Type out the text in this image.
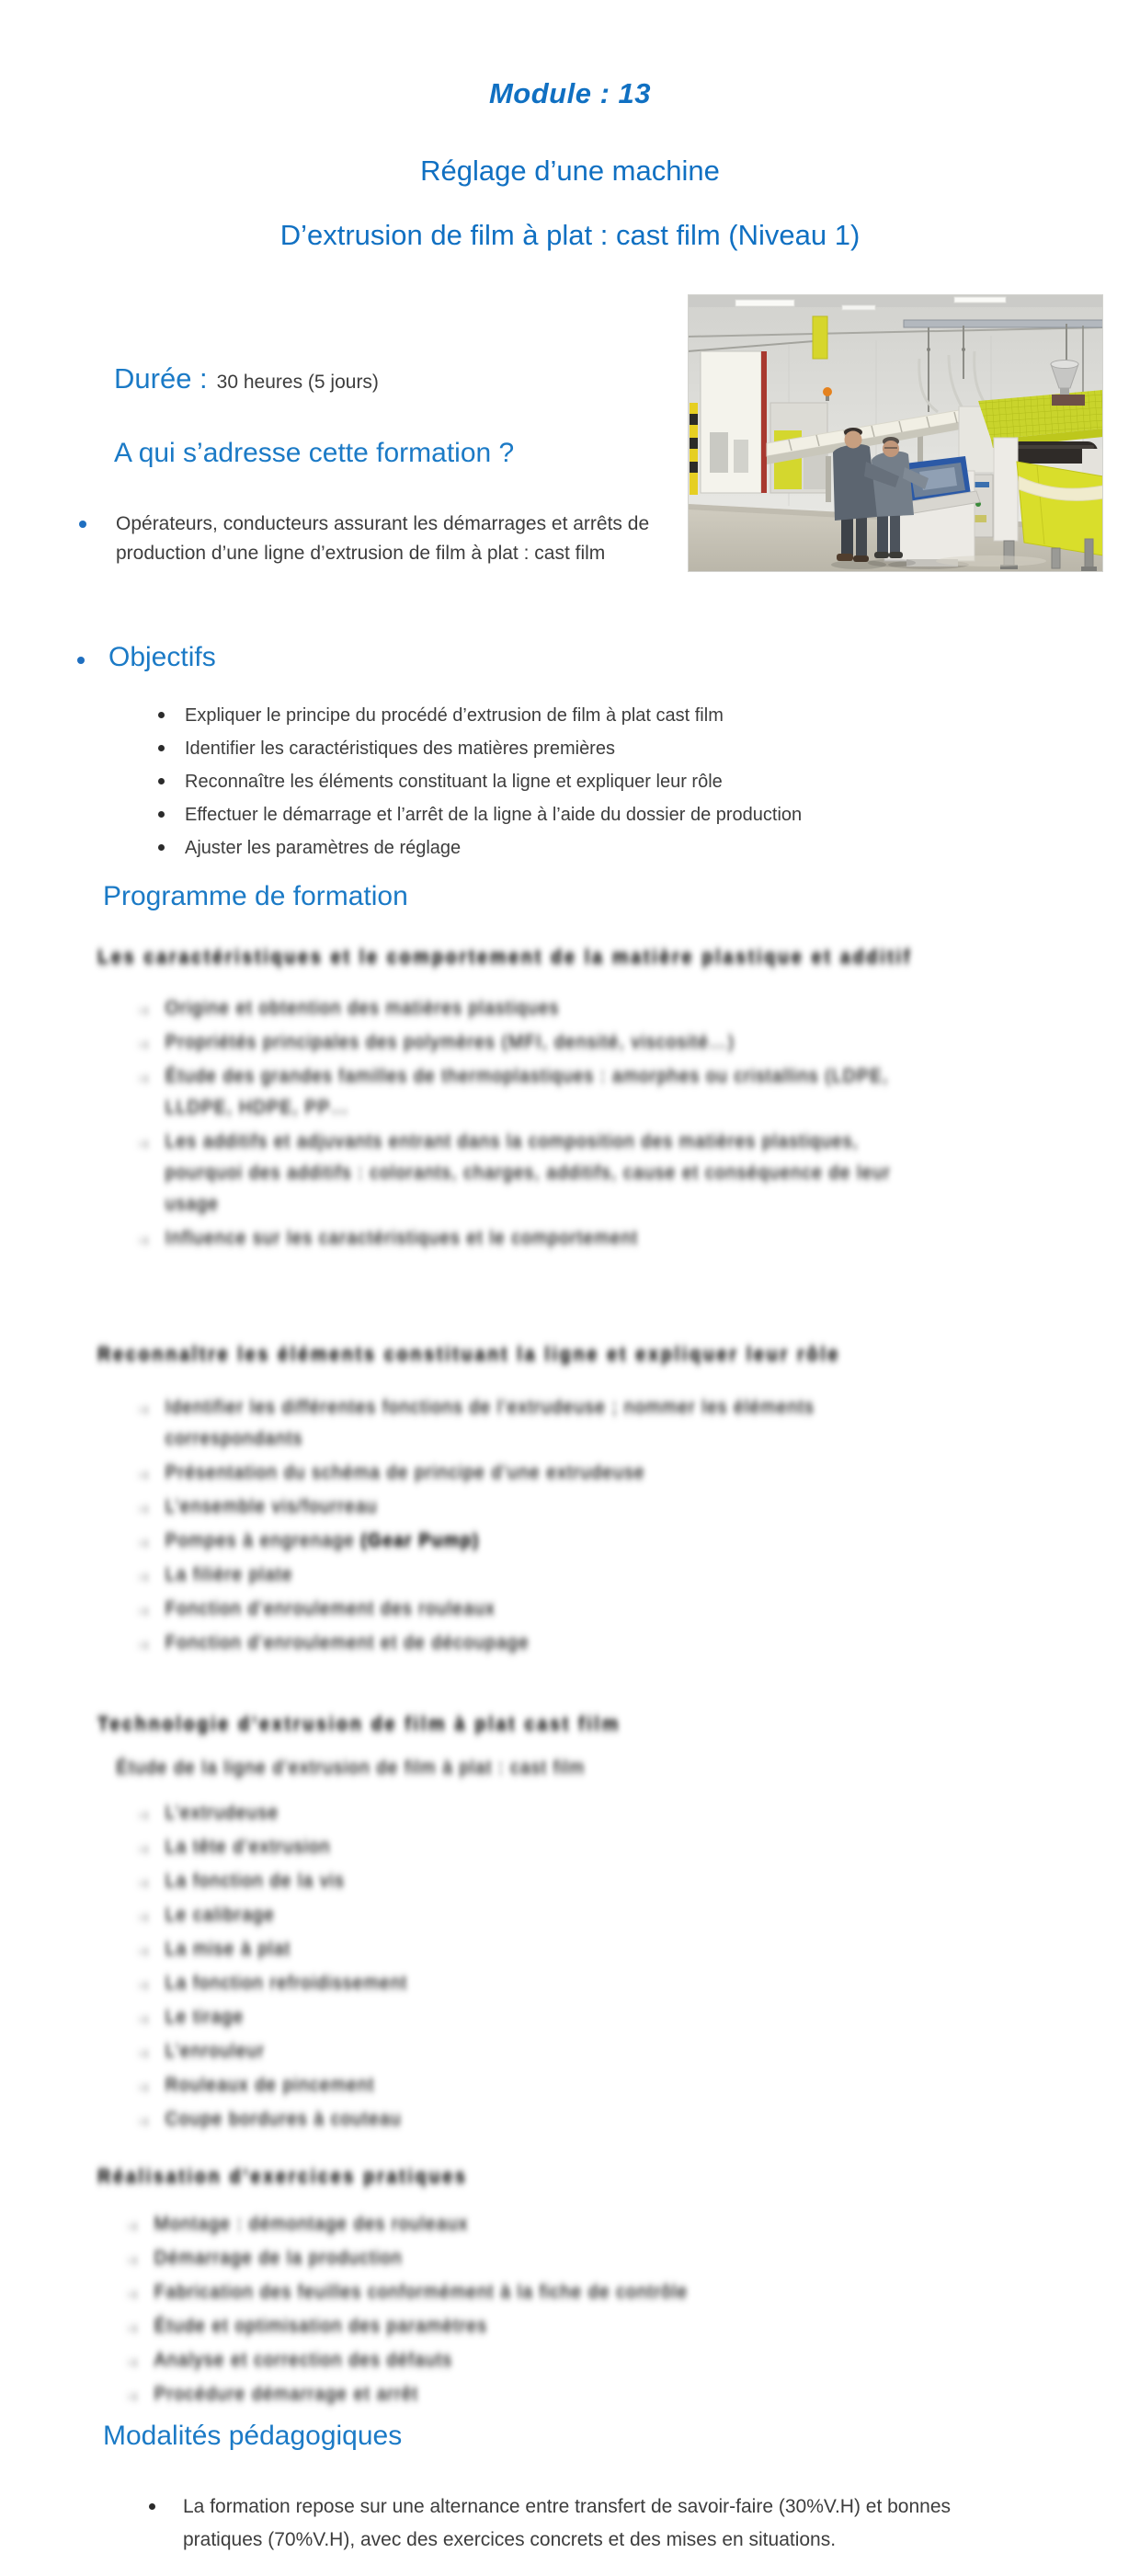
Module : 13
Réglage d’une machine
D’extrusion de film à plat : cast film (Niveau 1)
Durée : 30 heures (5 jours)
A qui s’adresse cette formation ?
Opérateurs, conducteurs assurant les démarrages et arrêts de production d’une ligne d’extrusion de film à plat : cast film
Objectifs
Expliquer le principe du procédé d’extrusion de film à plat cast film
Identifier les caractéristiques des matières premières
Reconnaître les éléments constituant la ligne et expliquer leur rôle
Effectuer le démarrage et l’arrêt de la ligne à l’aide du dossier de production
Ajuster les paramètres de réglage
Programme de formation
Les caractéristiques et le comportement de la matière plastique et additif
→ Origine et obtention des matières plastiques
→ Propriétés principales des polymères (MFI, densité, viscosité…)
→ Étude des grandes familles de thermoplastiques : amorphes ou cristallins (LDPE,
LLDPE, HDPE, PP…
→ Les additifs et adjuvants entrant dans la composition des matières plastiques,
pourquoi des additifs : colorants, charges, additifs, cause et conséquence de leur
usage
→ Influence sur les caractéristiques et le comportement
Reconnaître les éléments constituant la ligne et expliquer leur rôle
→ Identifier les différentes fonctions de l’extrudeuse ; nommer les éléments
correspondants
→ Présentation du schéma de principe d’une extrudeuse
→ L’ensemble vis/fourreau
→ Pompes à engrenage (Gear Pump)
→ La filière plate
→ Fonction d’enroulement des rouleaux
→ Fonction d’enroulement et de découpage
Technologie d’extrusion de film à plat cast film
Étude de la ligne d’extrusion de film à plat : cast film
→ L’extrudeuse
→ La tête d’extrusion
→ La fonction de la vis
→ Le calibrage
→ La mise à plat
→ La fonction refroidissement
→ Le tirage
→ L’enrouleur
→ Rouleaux de pincement
→ Coupe bordures à couteau
Réalisation d’exercices pratiques
→ Montage : démontage des rouleaux
→ Démarrage de la production
→ Fabrication des feuilles conformément à la fiche de contrôle
→ Étude et optimisation des paramètres
→ Analyse et correction des défauts
→ Procédure démarrage et arrêt
Modalités pédagogiques
La formation repose sur une alternance entre transfert de savoir-faire (30%V.H) et bonnes pratiques (70%V.H), avec des exercices concrets et des mises en situations.
